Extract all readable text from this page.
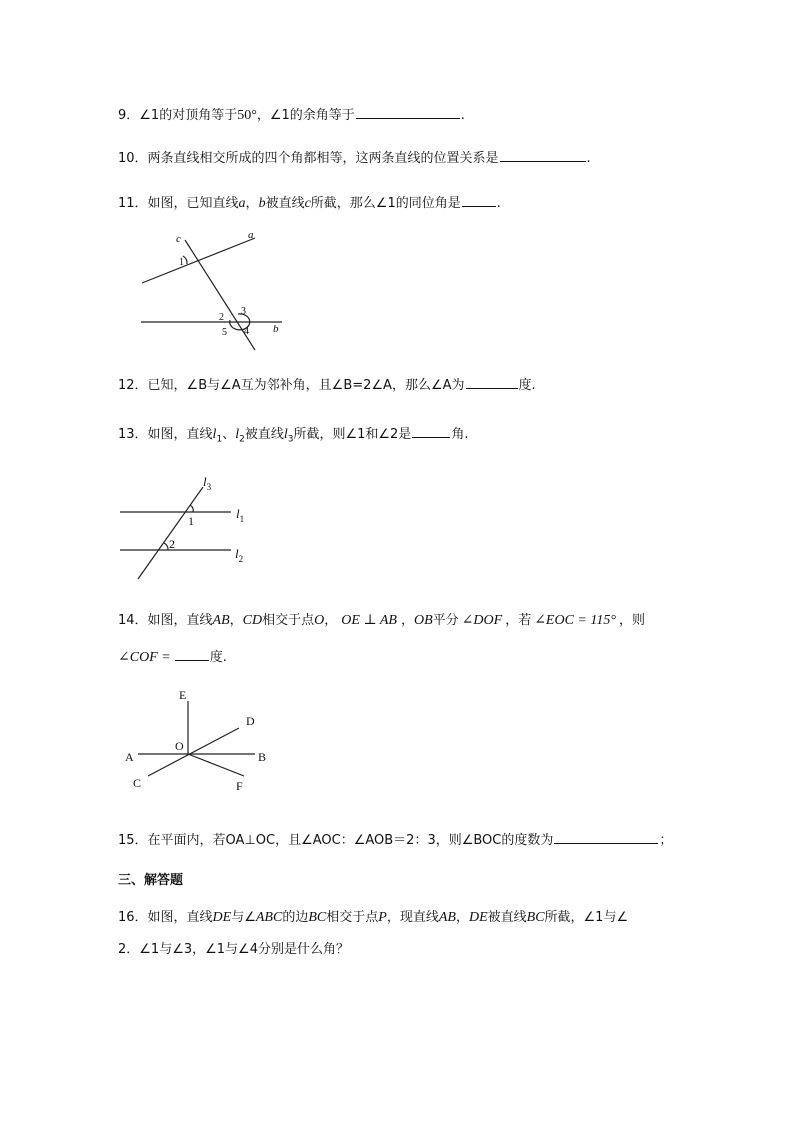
9．∠1的对顶角等于50°，∠1的余角等于	.
10．两条直线相交所成的四个角都相等，这两条直线的位置关系是	.
11．如图，已知直线a，b被直线c所截，那么∠1的同位角是	.
c	a
b
1
2
3
4
5
12．已知，∠B与∠A互为邻补角，且∠B=2∠A，那么∠A为	度.
13．如图，直线$l_1$、$l_2$被直线$l_3$所截，则∠1和∠2是	角.
$l_3$
$l_1$
$l_2$
1
2
14．如图，直线AB，CD相交于点O， OE ⊥ AB ，OB平分 ∠DOF ，若 ∠EOC = 115° ，则
∠COF =	度.
E
D
O
A	B
C	F
15．在平面内，若OA⊥OC，且∠AOC：∠AOB＝2：3，则∠BOC的度数为	；
三、解答题
16．如图，直线DE与∠ABC的边BC相交于点P，现直线AB，DE被直线BC所截，∠1与∠
2．∠1与∠3，∠1与∠4分别是什么角？
